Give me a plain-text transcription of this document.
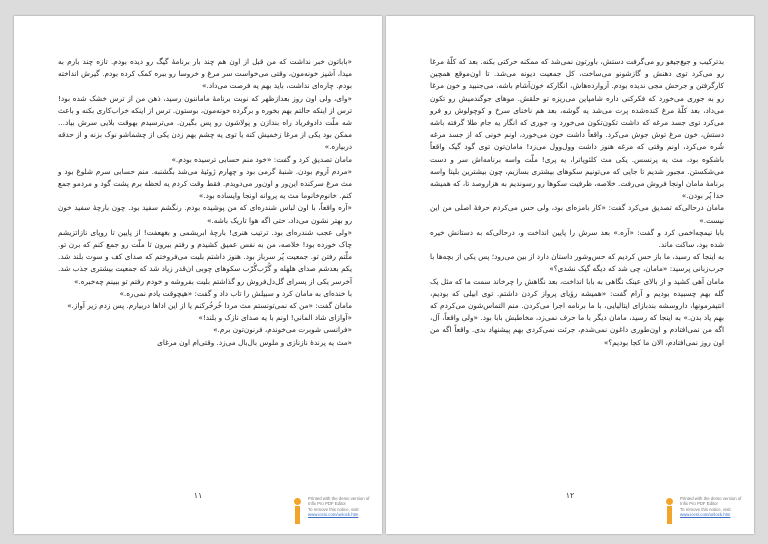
«باباتون خبر نداشت که من قبل از اون هم چند بار برنامهٔ گیگ رو دیده بودم. تازه چند بارم به میدا، آشپز خونه‌مون، وقتی می‌خواست سر مرغ و خروسا رو ببره کمک کرده بودم. گیرش انداخته بودم. چاره‌ای نداشت، باید بهم یه فرصت می‌داد.»

«وای، ولی اون روز بعدازظهر که نوبت برنامهٔ ماماننون رسید، ذهن من از ترس خشک شده بود! ترس از اینکه حالتم بهم بخوره و برگرده خونه‌مون، بوستون. ترس از اینکه خراب‌کاری بکنه و باعث شه ملّت دادوفریاد راه بندازن و پولاشون رو پس بگیرن. می‌ترسیدم بهوقت بلایی سرش بیاد... ممکن بود یکی از مرغا زخمیش کنه یا توی یه چشم بهم زدن یکی از چشماشو نوک بزنه و از حدقه دربیاره.»

مامان تصدیق کرد و گفت: «خود منم حسابی ترسیده بودم.»

«مردم آروم بودن. شنبهٔ گرمی بود و چهارم ژوئیهٔ می‌شد بگشنبه. منم حسابی سرم شلوغ بود و مث مرغ سرکنده این‌ور و اون‌ور می‌دویدم. فقط وقت کردم یه لحظه برم پشت گود و مردمو جمع کنم. خانوم‌خانوما مث یه پروانه اونجا وایساده بود.»

«آره واقعاً، با اون لباس شندره‌ای که من پوشیده بودم. رنگشم سفید بود. چون بارچهٔ سفید خون رو بهتر نشون می‌داد، حتی اگه هوا تاریک باشه.»

«ولی عجب شندره‌ای بود. ترتیب هنری! بارچهٔ ابریشمی و بغهعفت! از پایین تا روپای نازاتزیشم چاک خورده بود! خلاصه، من به نفس عمیق کشیدم و رفتم بیرون تا ملّت رو جمع کنم که برن تو. ملّتم رفتن تو. جمعیت پُر سرباز بود. هنوز داشتم بلیت می‌فروختم که صدای کف و سوت بلند شد. یکم بعدشم صدای هلهله و گُرّب‌گُرّب سکوهای چوبی ان‌قدر زیاد شد که جمعیت بیشتری جذب شد. آخرسر یکی از پسرای گل‌دل‌فروش رو گذاشتم بلیت بفروشه و خودم رفتم تو ببینم چه‌خبره.»

با خنده‌ای به مامان کرد و سبیلش را تاب داد و گفت: «هیچوقت یادم نمی‌ره.»

مامان گفت: «من که نمی‌تونستم مث مردا خُرخُرکنم یا از این اداها دربیارم. پس زدم زیر آواز.»

«آوازای شاد الماني! اونم با یه صدای نازک و بلند!»

«فرانسی شوبرت می‌خوندم، فرنون‌تون برم.»

«مث یه پرندهٔ نازنازی و ملوس بال‌بال می‌زد. وقتی‌ام اون مرغای

۱۱	Printed with the demo version of
Infix Pro PDF Editor
To remove this notice, visit:
www.iceni.com/unlock.htm

بدترکیب و جیغ‌جیغو رو می‌گرفت دستش، باورتون نمی‌شد که ممکنه حرکتی بکنه. بعد که کلّهٔ مرغا رو می‌کرد توی دهنش و گازشونو می‌ساخت، کل جمعیت دیونه می‌شد. تا اون‌موقع همچین کارگرفتن و جرحش مجی ندیده بودم. آروارده‌هاش، انگارکه خون‌آشام باشه، می‌جنبید و خون مرغا رو به جوری می‌خورد که فکرکنی داره شامپاین می‌ریزه تو حلقش. موهای جوگندمیش رو تکون می‌داد، بعد کلّهٔ مرغ کنده‌شده پرت می‌شد یه گوشه، بعد هم ناخنای سرخ و کوچولوش رو فرو می‌کرد توی جسد مرغه که داشت تکون‌تکون می‌خورد و، جوری که انگار یه جام طلا گرفته باشه دستش، خون مرغ توش جوش می‌کرد. واقعاً داشت خون می‌خورد، اونم خونی که از جسد مرغه شُره می‌کرد، اونم وقتی که مرغه هنوز داشت وول‌وول می‌زد! مامان‌تون توی گود گیک واقعاً باشکوه بود، مث یه پرنسس. یکی مث کلئوپاترا، یه پری! ملّت واسه برنامه‌اش سر و دست می‌شکستن. مجبور شدیم تا جایی که می‌تونیم سکوهای بیشتری بسازیم، چون بیشترین بلیتا واسه برنامهٔ مامان اونجا فروش می‌رفت. خلاصه، ظرفیت سکوها رو رسوندیم به هزاروصد تا، که همیشه حدا پُر بودن.»

مامان درحالی‌که تصدیق می‌کرد گفت: «کار بامزه‌ای بود، ولی حس می‌کردم حرفهٔ اصلی من این نیست.»

بابا نیمچه‌اخمی کرد و گفت: «آره.» بعد سرش را پایین انداخت و، درحالی‌که به دستانش خیره شده بود، ساکت ماند.

به اینجا که رسید، ما باز حس کردیم که حس‌وشور داستان دارد از بین می‌رود؛ پس یکی از بچه‌ها با جرب‌زبانی پرسید: «مامان، چی شد که دیگه گیک نشدی؟»

مامان آهی کشید و از بالای عینک نگاهی به بابا انداخت، بعد نگاهش را چرخاند سمت ما که مثل یک گله بهم چسبیده بودیم و آرام گفت: «همیشه رؤیای پرواز کردن داشتم. توی ابیلی که بودیم، انتیفرمونها، داروسشه بندبازای ایتالیایی، با ما برنامه اجرا می‌کردن. منم التماس‌شون می‌کردم که بهم یاد بدن.» به اینجا که رسید، مامان دیگر با ما حرف نمی‌زد، مخاطبش بابا بود. «ولی واقعاً، آل، اگه من نمی‌افتادم و اون‌طوری داغون نمی‌شدم، جرئت نمی‌کردی بهم پیشنهاد بدی. واقعاً اگه من اون روز نمی‌افتادم، الان ما کجا بودیم؟»

۱۲	Printed with the demo version of
Infix Pro PDF Editor
To remove this notice, visit:
www.iceni.com/unlock.htm
